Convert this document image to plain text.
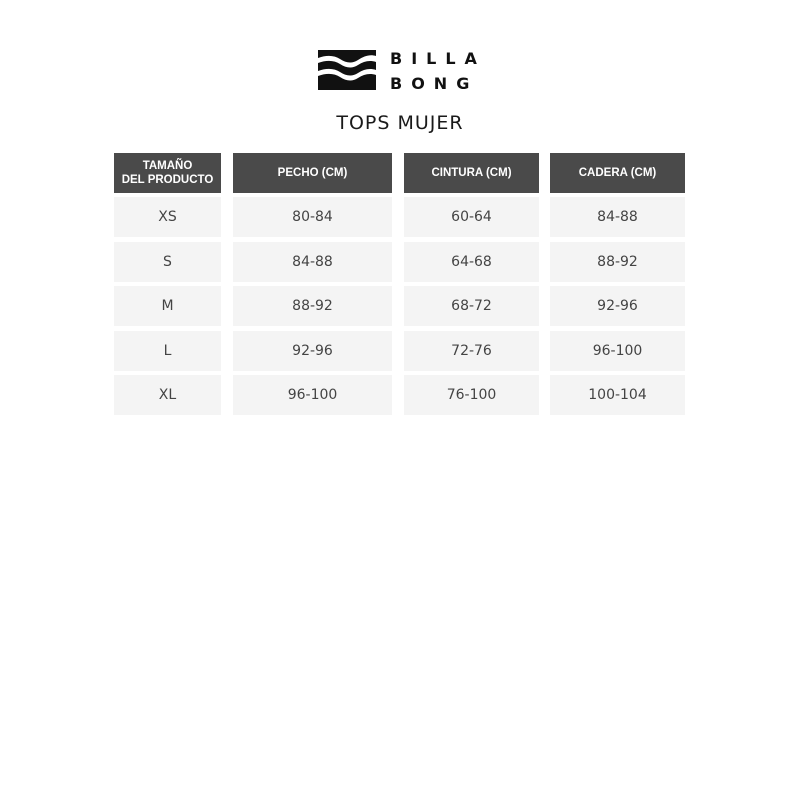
BILLA
BONG
TOPS MUJER
TAMAÑO
DEL PRODUCTO
XS
S
M
L
XL
PECHO (CM)
80-84
84-88
88-92
92-96
96-100
CINTURA (CM)
60-64
64-68
68-72
72-76
76-100
CADERA (CM)
84-88
88-92
92-96
96-100
100-104
